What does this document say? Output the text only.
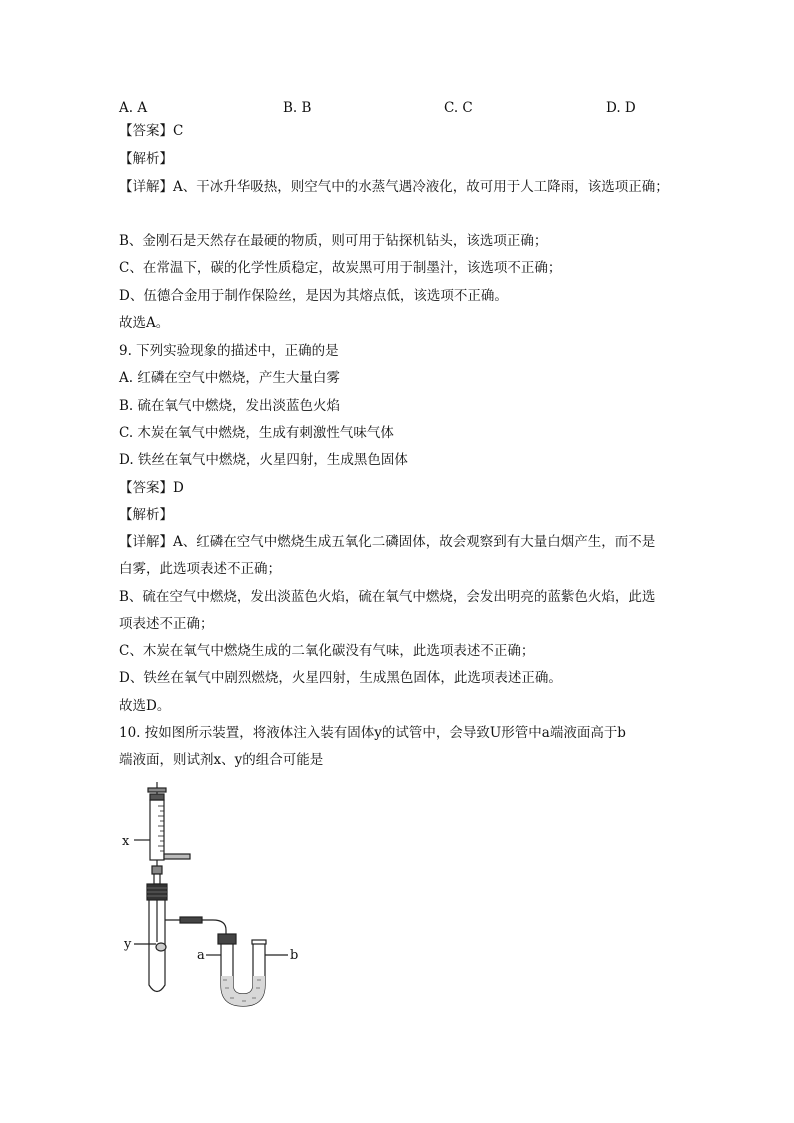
A. A	B. B	C. C	D. D
【答案】C
【解析】
【详解】A、干冰升华吸热，则空气中的水蒸气遇冷液化，故可用于人工降雨，该选项正确；
B、金刚石是天然存在最硬的物质，则可用于钻探机钻头，该选项正确；
C、在常温下，碳的化学性质稳定，故炭黑可用于制墨汁，该选项不正确；
D、伍德合金用于制作保险丝，是因为其熔点低，该选项不正确。
故选A。
9. 下列实验现象的描述中，正确的是
A. 红磷在空气中燃烧，产生大量白雾
B. 硫在氧气中燃烧，发出淡蓝色火焰
C. 木炭在氧气中燃烧，生成有刺激性气味气体
D. 铁丝在氧气中燃烧，火星四射，生成黑色固体
【答案】D
【解析】
【详解】A、红磷在空气中燃烧生成五氧化二磷固体，故会观察到有大量白烟产生，而不是
白雾，此选项表述不正确；
B、硫在空气中燃烧，发出淡蓝色火焰，硫在氧气中燃烧，会发出明亮的蓝紫色火焰，此选
项表述不正确；
C、木炭在氧气中燃烧生成的二氧化碳没有气味，此选项表述不正确；
D、铁丝在氧气中剧烈燃烧，火星四射，生成黑色固体，此选项表述正确。
故选D。
10. 按如图所示装置，将液体注入装有固体y的试管中，会导致U形管中a端液面高于b
端液面，则试剂x、y的组合可能是
x
y
a	b
